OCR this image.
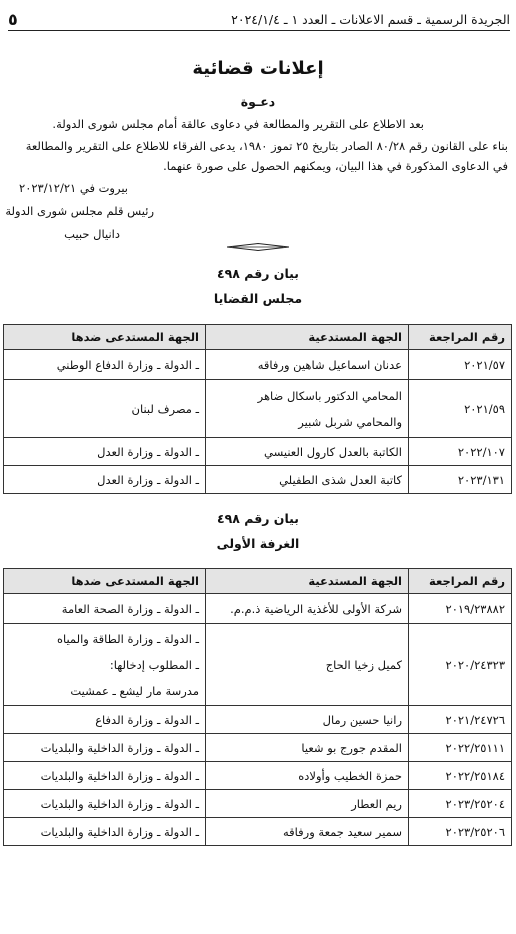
الجريدة الرسمية ـ قسم الاعلانات ـ العدد ١ ـ ٢٠٢٤/١/٤
٥
إعلانات قضائية
دعـوة
بعد الاطلاع على التقرير والمطالعة في دعاوى عالقة أمام مجلس شورى الدولة.
بناء على القانون رقم ٨٠/٢٨ الصادر بتاريخ ٢٥ تموز ١٩٨٠، يدعى الفرقاء للاطلاع على التقرير والمطالعة
في الدعاوى المذكورة في هذا البيان، ويمكنهم الحصول على صورة عنهما.
بيروت في ٢٠٢٣/١٢/٢١
رئيس قلم مجلس شورى الدولة
دانيال حبيب
بيان رقم ٤٩٨
مجلس القضايا
رقم المراجعة	الجهة المستدعية	الجهة المستدعى ضدها
٢٠٢١/٥٧	عدنان اسماعيل شاهين ورفاقه	ـ الدولة ـ وزارة الدفاع الوطني

٢٠٢١/٥٩	المحامي الدكتور باسكال ضاهر
والمحامي شربل شبير	ـ مصرف لبنان

٢٠٢٢/١٠٧	الكاتبة بالعدل كارول العنيسي	ـ الدولة ـ وزارة العدل

٢٠٢٣/١٣١	كاتبة العدل شذى الطفيلي	ـ الدولة ـ وزارة العدل
بيان رقم ٤٩٨
الغرفة الأولى
رقم المراجعة	الجهة المستدعية	الجهة المستدعى ضدها
٢٠١٩/٢٣٨٨٢	شركة الأولى للأغذية الرياضية ذ.م.م.	ـ الدولة ـ وزارة الصحة العامة

٢٠٢٠/٢٤٣٢٣	كميل زخيا الحاج	ـ الدولة ـ وزارة الطاقة والمياه
ـ المطلوب إدخالها:
مدرسة مار ليشع ـ عمشيت

٢٠٢١/٢٤٧٢٦	رانيا حسين رمال	ـ الدولة ـ وزارة الدفاع

٢٠٢٢/٢٥١١١	المقدم جورج بو شعيا	ـ الدولة ـ وزارة الداخلية والبلديات

٢٠٢٢/٢٥١٨٤	حمزة الخطيب وأولاده	ـ الدولة ـ وزارة الداخلية والبلديات

٢٠٢٣/٢٥٢٠٤	ريم العطار	ـ الدولة ـ وزارة الداخلية والبلديات

٢٠٢٣/٢٥٢٠٦	سمير سعيد جمعة ورفاقه	ـ الدولة ـ وزارة الداخلية والبلديات
